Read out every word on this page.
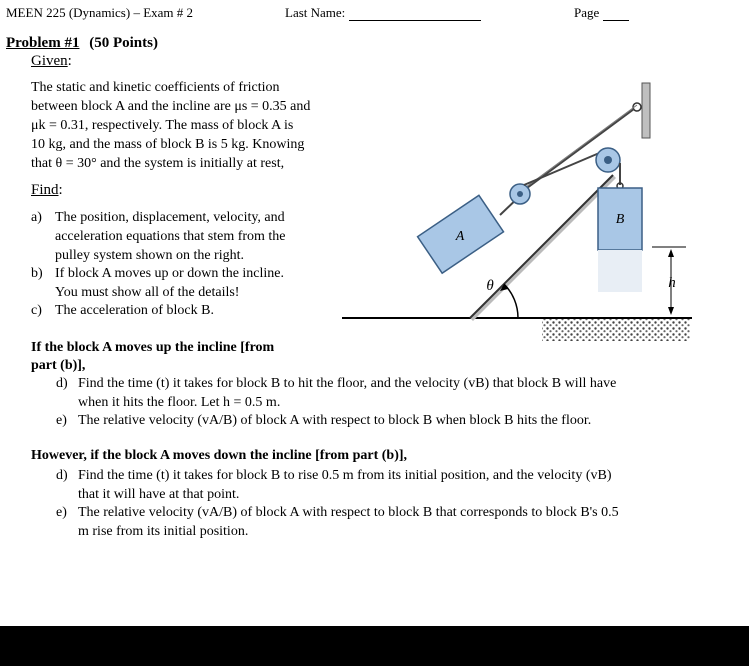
MEEN 225 (Dynamics) – Exam # 2	Last Name:	Page
Problem #1 (50 Points)
Given:
The static and kinetic coefficients of friction
between block A and the incline are μs = 0.35 and
μk = 0.31, respectively. The mass of block A is
10 kg, and the mass of block B is 5 kg. Knowing
that θ = 30° and the system is initially at rest,
Find:
a) The position, displacement, velocity, and
acceleration equations that stem from the
pulley system shown on the right.
b) If block A moves up or down the incline.
You must show all of the details!
c) The acceleration of block B.
If the block A moves up the incline [from
part (b)],
d) Find the time (t) it takes for block B to hit the floor, and the velocity (vB) that block B will have
when it hits the floor. Let h = 0.5 m.
e) The relative velocity (vA/B) of block A with respect to block B when block B hits the floor.
However, if the block A moves down the incline [from part (b)],
d) Find the time (t) it takes for block B to rise 0.5 m from its initial position, and the velocity (vB)
that it will have at that point.
e) The relative velocity (vA/B) of block A with respect to block B that corresponds to block B's 0.5
m rise from its initial position.
A
B
h
θ
